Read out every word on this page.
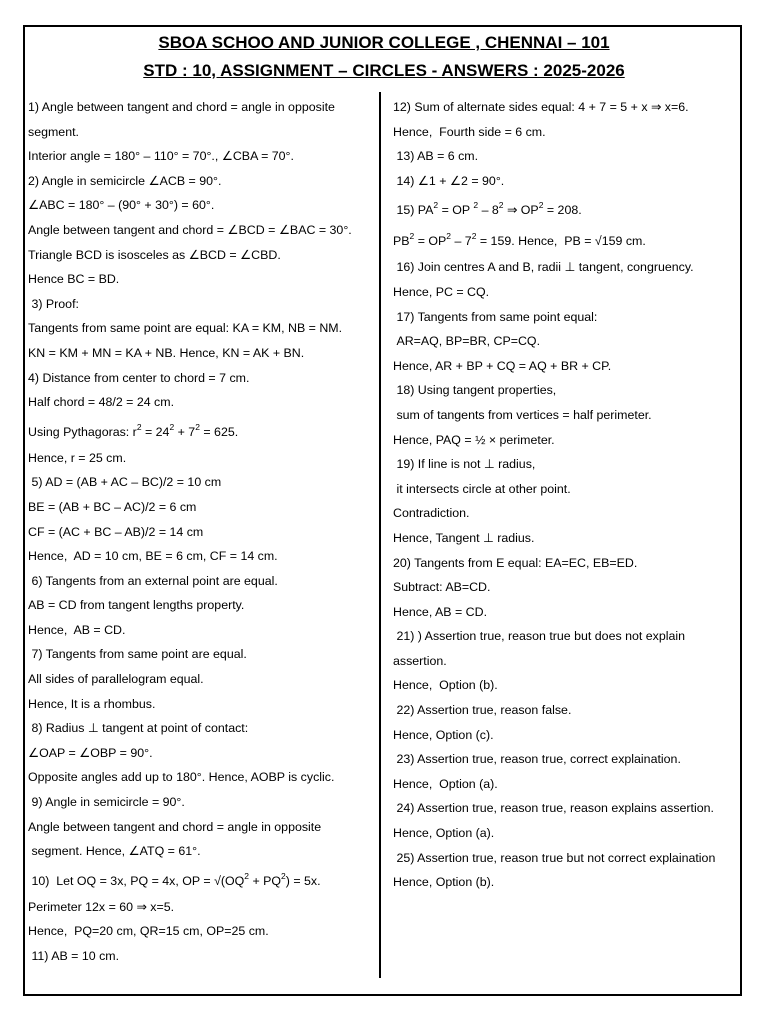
SBOA SCHOO AND JUNIOR COLLEGE , CHENNAI – 101
STD : 10, ASSIGNMENT – CIRCLES - ANSWERS : 2025-2026
1) Angle between tangent and chord = angle in opposite
segment.
Interior angle = 180° – 110° = 70°., ∠CBA = 70°.
2) Angle in semicircle ∠ACB = 90°.
∠ABC = 180° – (90° + 30°) = 60°.
Angle between tangent and chord = ∠BCD = ∠BAC = 30°.
Triangle BCD is isosceles as ∠BCD = ∠CBD.
Hence BC = BD.
3) Proof:
Tangents from same point are equal: KA = KM, NB = NM.
KN = KM + MN = KA + NB. Hence, KN = AK + BN.
4) Distance from center to chord = 7 cm.
Half chord = 48/2 = 24 cm.
Using Pythagoras: $r^2 = 24^2 + 7^2 = 625$.
Hence, r = 25 cm.
5) AD = (AB + AC – BC)/2 = 10 cm
BE = (AB + BC – AC)/2 = 6 cm
CF = (AC + BC – AB)/2 = 14 cm
Hence,  AD = 10 cm, BE = 6 cm, CF = 14 cm.
6) Tangents from an external point are equal.
AB = CD from tangent lengths property.
Hence,  AB = CD.
7) Tangents from same point are equal.
All sides of parallelogram equal.
Hence, It is a rhombus.
8) Radius ⊥ tangent at point of contact:
∠OAP = ∠OBP = 90°.
Opposite angles add up to 180°. Hence, AOBP is cyclic.
9) Angle in semicircle = 90°.
Angle between tangent and chord = angle in opposite
segment. Hence, ∠ATQ = 61°.
10)  Let OQ = 3x, PQ = 4x, OP = $√(OQ^2 + PQ^2) = 5x$.
Perimeter 12x = 60 ⇒ x=5.
Hence,  PQ=20 cm, QR=15 cm, OP=25 cm.
11) AB = 10 cm.
12) Sum of alternate sides equal: 4 + 7 = 5 + x ⇒ x=6.
Hence,  Fourth side = 6 cm.
13) AB = 6 cm.
14) ∠1 + ∠2 = 90°.
15) $PA^2$ = OP $^2 - 8^2$ ⇒ $OP^2 = 208$.
$PB^2 = OP^2 - 7^2 = 159$. Hence,  PB = √159 cm.
16) Join centres A and B, radii ⊥ tangent, congruency.
Hence, PC = CQ.
17) Tangents from same point equal:
AR=AQ, BP=BR, CP=CQ.
Hence, AR + BP + CQ = AQ + BR + CP.
18) Using tangent properties,
sum of tangents from vertices = half perimeter.
Hence, PAQ = ½ × perimeter.
19) If line is not ⊥ radius,
it intersects circle at other point.
Contradiction.
Hence, Tangent ⊥ radius.
20) Tangents from E equal: EA=EC, EB=ED.
Subtract: AB=CD.
Hence, AB = CD.
21) ) Assertion true, reason true but does not explain
assertion.
Hence,  Option (b).
22) Assertion true, reason false.
Hence, Option (c).
23) Assertion true, reason true, correct explaination.
Hence,  Option (a).
24) Assertion true, reason true, reason explains assertion.
Hence, Option (a).
25) Assertion true, reason true but not correct explaination
Hence, Option (b).
